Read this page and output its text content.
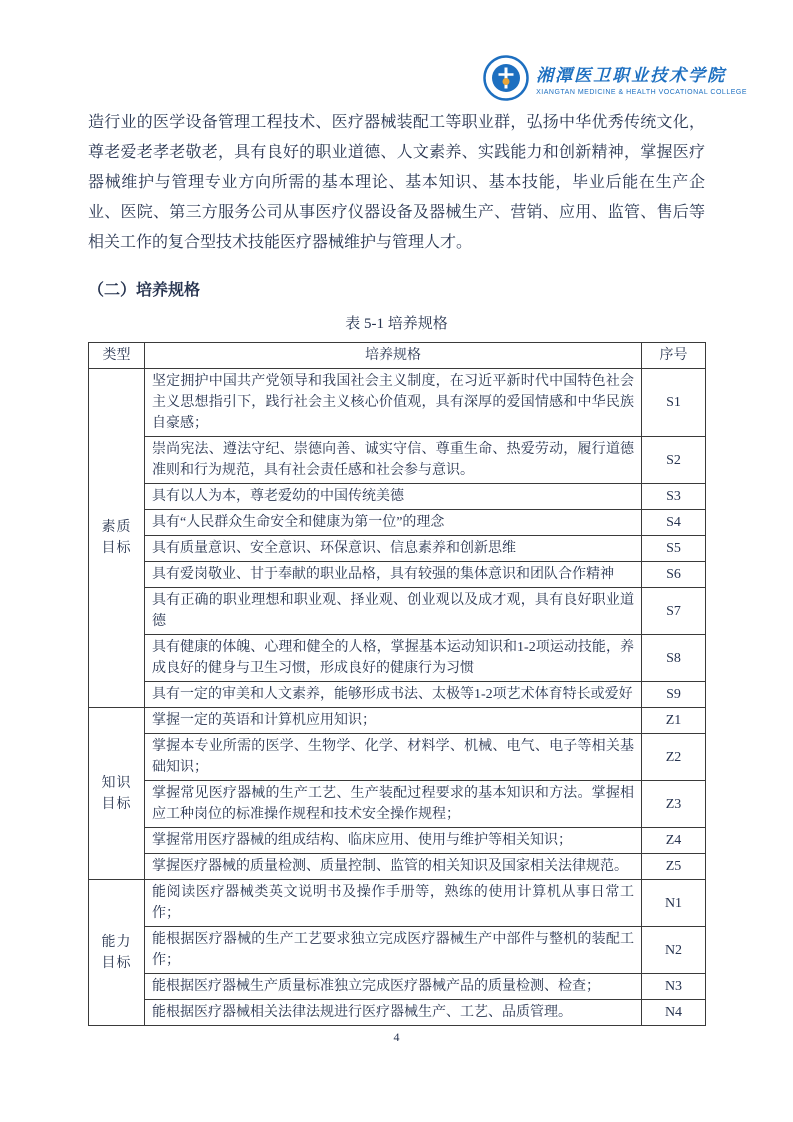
湘潭医卫职业技术学院
XIANGTAN MEDICINE & HEALTH VOCATIONAL COLLEGE

造行业的医学设备管理工程技术、医疗器械装配工等职业群，弘扬中华优秀传统文化，尊老爱老孝老敬老，具有良好的职业道德、人文素养、实践能力和创新精神，掌握医疗器械维护与管理专业方向所需的基本理论、基本知识、基本技能，毕业后能在生产企业、医院、第三方服务公司从事医疗仪器设备及器械生产、营销、应用、监管、售后等相关工作的复合型技术技能医疗器械维护与管理人才。

（二）培养规格
表 5-1 培养规格
类型	培养规格	序号
素质目标	坚定拥护中国共产党领导和我国社会主义制度，在习近平新时代中国特色社会主义思想指引下，践行社会主义核心价值观，具有深厚的爱国情感和中华民族自豪感；	S1
	崇尚宪法、遵法守纪、崇德向善、诚实守信、尊重生命、热爱劳动，履行道德准则和行为规范，具有社会责任感和社会参与意识。	S2
	具有以人为本，尊老爱幼的中国传统美德	S3
	具有“人民群众生命安全和健康为第一位”的理念	S4
	具有质量意识、安全意识、环保意识、信息素养和创新思维	S5
	具有爱岗敬业、甘于奉献的职业品格，具有较强的集体意识和团队合作精神	S6
	具有正确的职业理想和职业观、择业观、创业观以及成才观，具有良好职业道德	S7
	具有健康的体魄、心理和健全的人格，掌握基本运动知识和1-2项运动技能，养成良好的健身与卫生习惯，形成良好的健康行为习惯	S8
	具有一定的审美和人文素养，能够形成书法、太极等1-2项艺术体育特长或爱好	S9
知识目标	掌握一定的英语和计算机应用知识；	Z1
	掌握本专业所需的医学、生物学、化学、材料学、机械、电气、电子等相关基础知识；	Z2
	掌握常见医疗器械的生产工艺、生产装配过程要求的基本知识和方法。掌握相应工种岗位的标准操作规程和技术安全操作规程；	Z3
	掌握常用医疗器械的组成结构、临床应用、使用与维护等相关知识；	Z4
	掌握医疗器械的质量检测、质量控制、监管的相关知识及国家相关法律规范。	Z5
能力目标	能阅读医疗器械类英文说明书及操作手册等，熟练的使用计算机从事日常工作；	N1
	能根据医疗器械的生产工艺要求独立完成医疗器械生产中部件与整机的装配工作；	N2
	能根据医疗器械生产质量标准独立完成医疗器械产品的质量检测、检查；	N3
	能根据医疗器械相关法律法规进行医疗器械生产、工艺、品质管理。	N4
4
